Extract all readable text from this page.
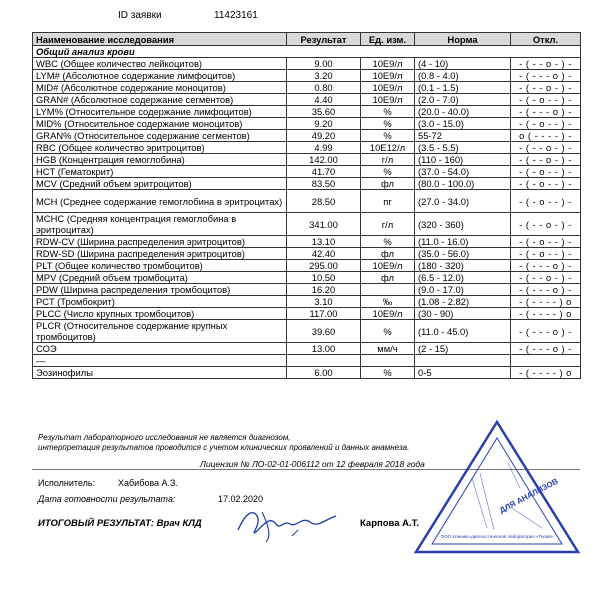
ID заявки	11423161
Наименование исследования	Результат	Ед. изм.	Норма	Откл.
Общий анализ крови				
WBC (Общее количество лейкоцитов)	9.00	10E9/л	(4 - 10)	- ( - - o - ) -
LYM# (Абсолютное содержание лимфоцитов)	3.20	10E9/л	(0.8 - 4.0)	- ( - - - o ) -
MID# (Абсолютное содержание моноцитов)	0.80	10E9/л	(0.1 - 1.5)	- ( - - o - ) -
GRAN# (Абсолютное содержание сегментов)	4.40	10E9/л	(2.0 - 7.0)	- ( - o - - ) -
LYM% (Относительное содержание лимфоцитов)	35.60	%	(20.0 - 40.0)	- ( - - - o ) -
MID% (Относительное содержание моноцитов)	9.20	%	(3.0 - 15.0)	- ( - o - - ) -
GRAN% (Относительное содержание сегментов)	49.20	%	55-72	o ( - - - - ) -
RBC (Общее количество эритроцитов)	4.99	10E12/л	(3.5 - 5.5)	- ( - - o - ) -
HGB (Концентрация гемоглобина)	142.00	г/л	(110 - 160)	- ( - - o - ) -
HCT (Гематокрит)	41.70	%	(37.0 - 54.0)	- ( - o - - ) -
MCV (Средний объем эритроцитов)	83.50	фл	(80.0 - 100.0)	- ( - o - - ) -
MCH (Среднее содержание гемоглобина в эритроцитах)	28.50	пг	(27.0 - 34.0)	- ( - o - - ) -
MCHC (Средняя концентрация гемоглобина в эритроцитах)	341.00	г/л	(320 - 360)	- ( - - o - ) -
RDW-CV (Ширина распределения эритроцитов)	13.10	%	(11.0 - 16.0)	- ( - o - - ) -
RDW-SD (Ширина распределения эритроцитов)	42.40	фл	(35.0 - 56.0)	- ( - o - - ) -
PLT (Общее количество тромбоцитов)	295.00	10E9/л	(180 - 320)	- ( - - - o ) -
MPV (Средний объем тромбоцита)	10.50	фл	(6.5 - 12.0)	- ( - - o - ) -
PDW (Ширина распределения тромбоцитов)	16.20		(9.0 - 17.0)	- ( - - - o ) -
PCT (Тромбокрит)	3.10	‰	(1.08 - 2.82)	- ( - - - - ) o
PLCC (Число крупных тромбоцитов)	117.00	10E9/л	(30 - 90)	- ( - - - - ) o
PLCR (Относительное содержание крупных тромбоцитов)	39.60	%	(11.0 - 45.0)	- ( - - - o ) -
СОЭ	13.00	мм/ч	(2 - 15)	- ( - - - o ) -
—				
Эозинофилы	6.00	%	0-5	- ( - - - - ) o
Результат лабораторного исследования не является диагнозом,
интерпретация результатов проводится с учетом клинических проявлений и данных анамнеза.
Лицензия № ЛО-02-01-006112 от 12 февраля 2018 года
Исполнитель:	Хабибова А.З.
Дата готовности результата:	17.02.2020
ИТОГОВЫЙ РЕЗУЛЬТАТ: Врач КЛД	Карпова А.Т.
ДЛЯ АНАЛИЗОВ
ООО Клинико-диагностическая лаборатория «Терай»
